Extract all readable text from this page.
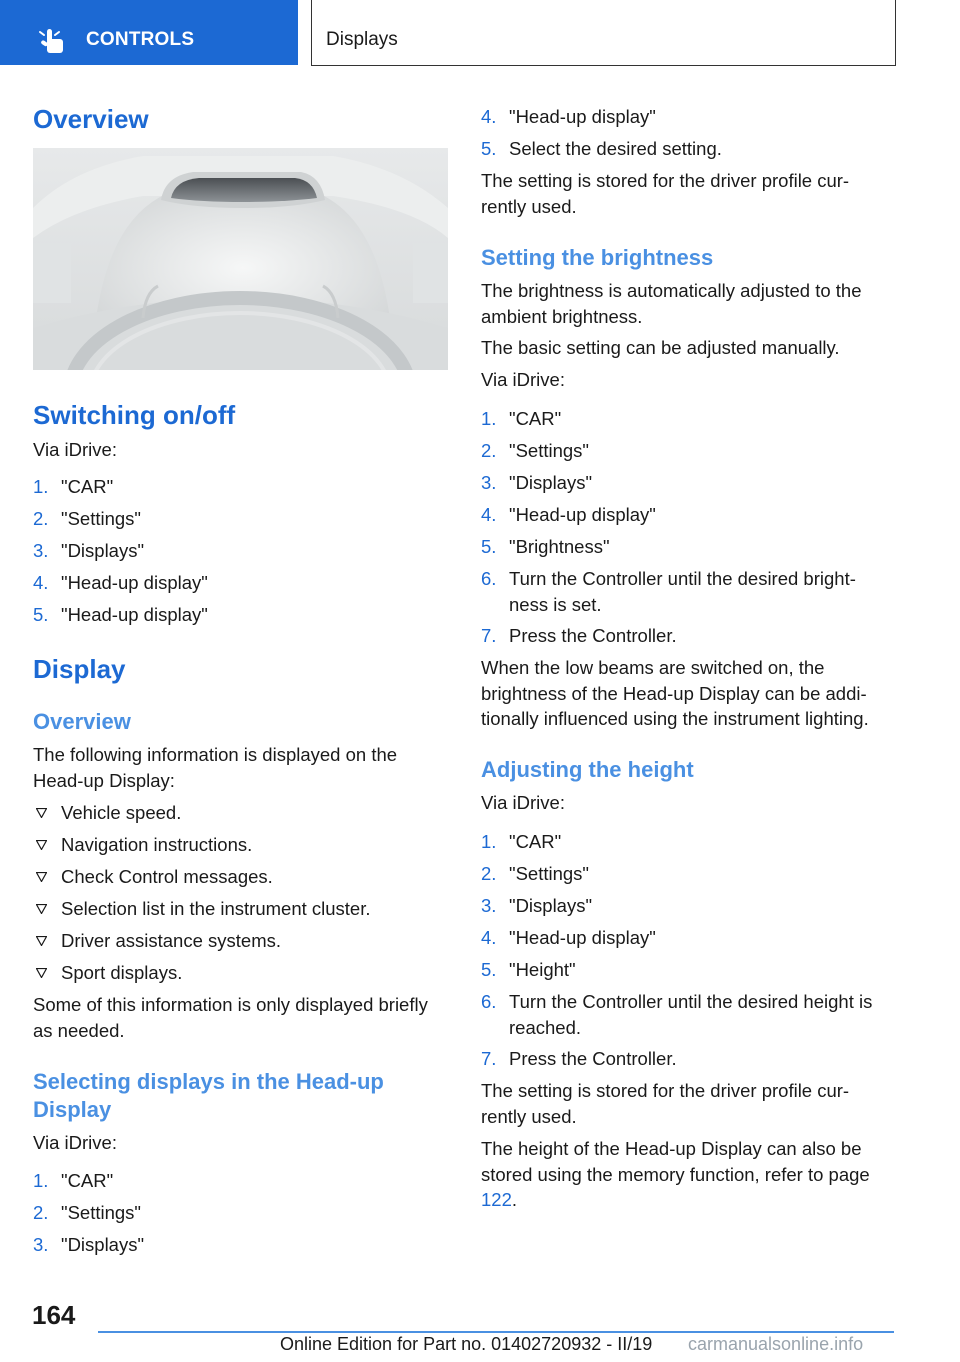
CONTROLS	Displays
Overview
Switching on/off
Via iDrive:
1. "CAR"
2. "Settings"
3. "Displays"
4. "Head-up display"
5. "Head-up display"
Display
Overview
The following information is displayed on the Head-up Display:
Vehicle speed.
Navigation instructions.
Check Control messages.
Selection list in the instrument cluster.
Driver assistance systems.
Sport displays.
Some of this information is only displayed briefly as needed.
Selecting displays in the Head-up Display
Via iDrive:
1. "CAR"
2. "Settings"
3. "Displays"
4. "Head-up display"
5. Select the desired setting.
The setting is stored for the driver profile cur-rently used.
Setting the brightness
The brightness is automatically adjusted to the ambient brightness.
The basic setting can be adjusted manually.
Via iDrive:
1. "CAR"
2. "Settings"
3. "Displays"
4. "Head-up display"
5. "Brightness"
6. Turn the Controller until the desired bright-ness is set.
7. Press the Controller.
When the low beams are switched on, the brightness of the Head-up Display can be addi-tionally influenced using the instrument lighting.
Adjusting the height
Via iDrive:
1. "CAR"
2. "Settings"
3. "Displays"
4. "Head-up display"
5. "Height"
6. Turn the Controller until the desired height is reached.
7. Press the Controller.
The setting is stored for the driver profile cur-rently used.
The height of the Head-up Display can also be stored using the memory function, refer to page 122.
164
Online Edition for Part no. 01402720932 - II/19 carmanualsonline.info
